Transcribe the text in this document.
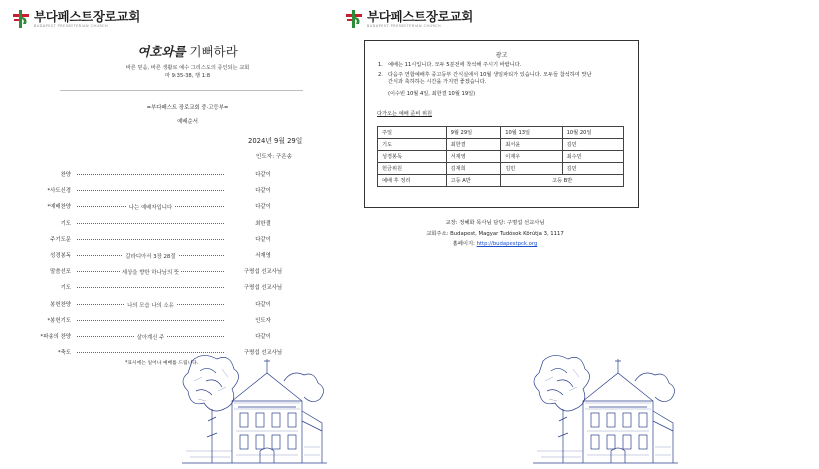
부다페스트장로교회
BUDAPEST PRESBYTERIAN CHURCH
여호와를 기뻐하라
바른 믿음, 바른 생활로 예수 그리스도의 증인되는 교회
마 9:35-38, 행 1:8
=부다페스트 장로교회 중·고등부=
예배순서
2024년 9월 29일
인도자: 구은송
찬양	다같이
*사도신경	다같이
*예배찬양	나는 예배자입니다	다같이
기도	최한결
주기도문	다같이
성경봉독	갈라디아서 3장 28절	서재영
말씀선포	세상을 향한 하나님의 뜻	구명섭 선교사님
기도	구명섭 선교사님
봉헌찬양	나의 모습 나의 소유	다같이
*봉헌기도	인도자
*파송의 찬양	살아계신 주	다같이
*축도	구명섭 선교사님
*표시에는 일어나 예배를 드립니다.
부다페스트장로교회
BUDAPEST PRESBYTERIAN CHURCH
광고
1. 예배는 11시입니다. 모두 5분전에 착석해 주시기 바랍니다.
2. 다음주 연합예배후 중고등부 간식실에서 10월 생일파티가 있습니다. 모두들 참석하여 맛난
간식과 축하하는 시간을 가지면 좋겠습니다.
(이수빈 10월 4일, 최한결 10월 19일)
다가오는 예배 준비 위원
주일	9월 29일	10월 13일	10월 20일
기도	최한결	최서윤	김민
성경봉독	서재영	이재우	최수민
헌금위원	김재희	김민	김민
예배 후 정리	고등 A반	고등 B반	
교장: 정혜화 목사님 담당: 구명섭 선교사님
교회주소: Budapest, Magyar Tudósok Körútja 3, 1117
홈페이지: http://budapestpck.org
